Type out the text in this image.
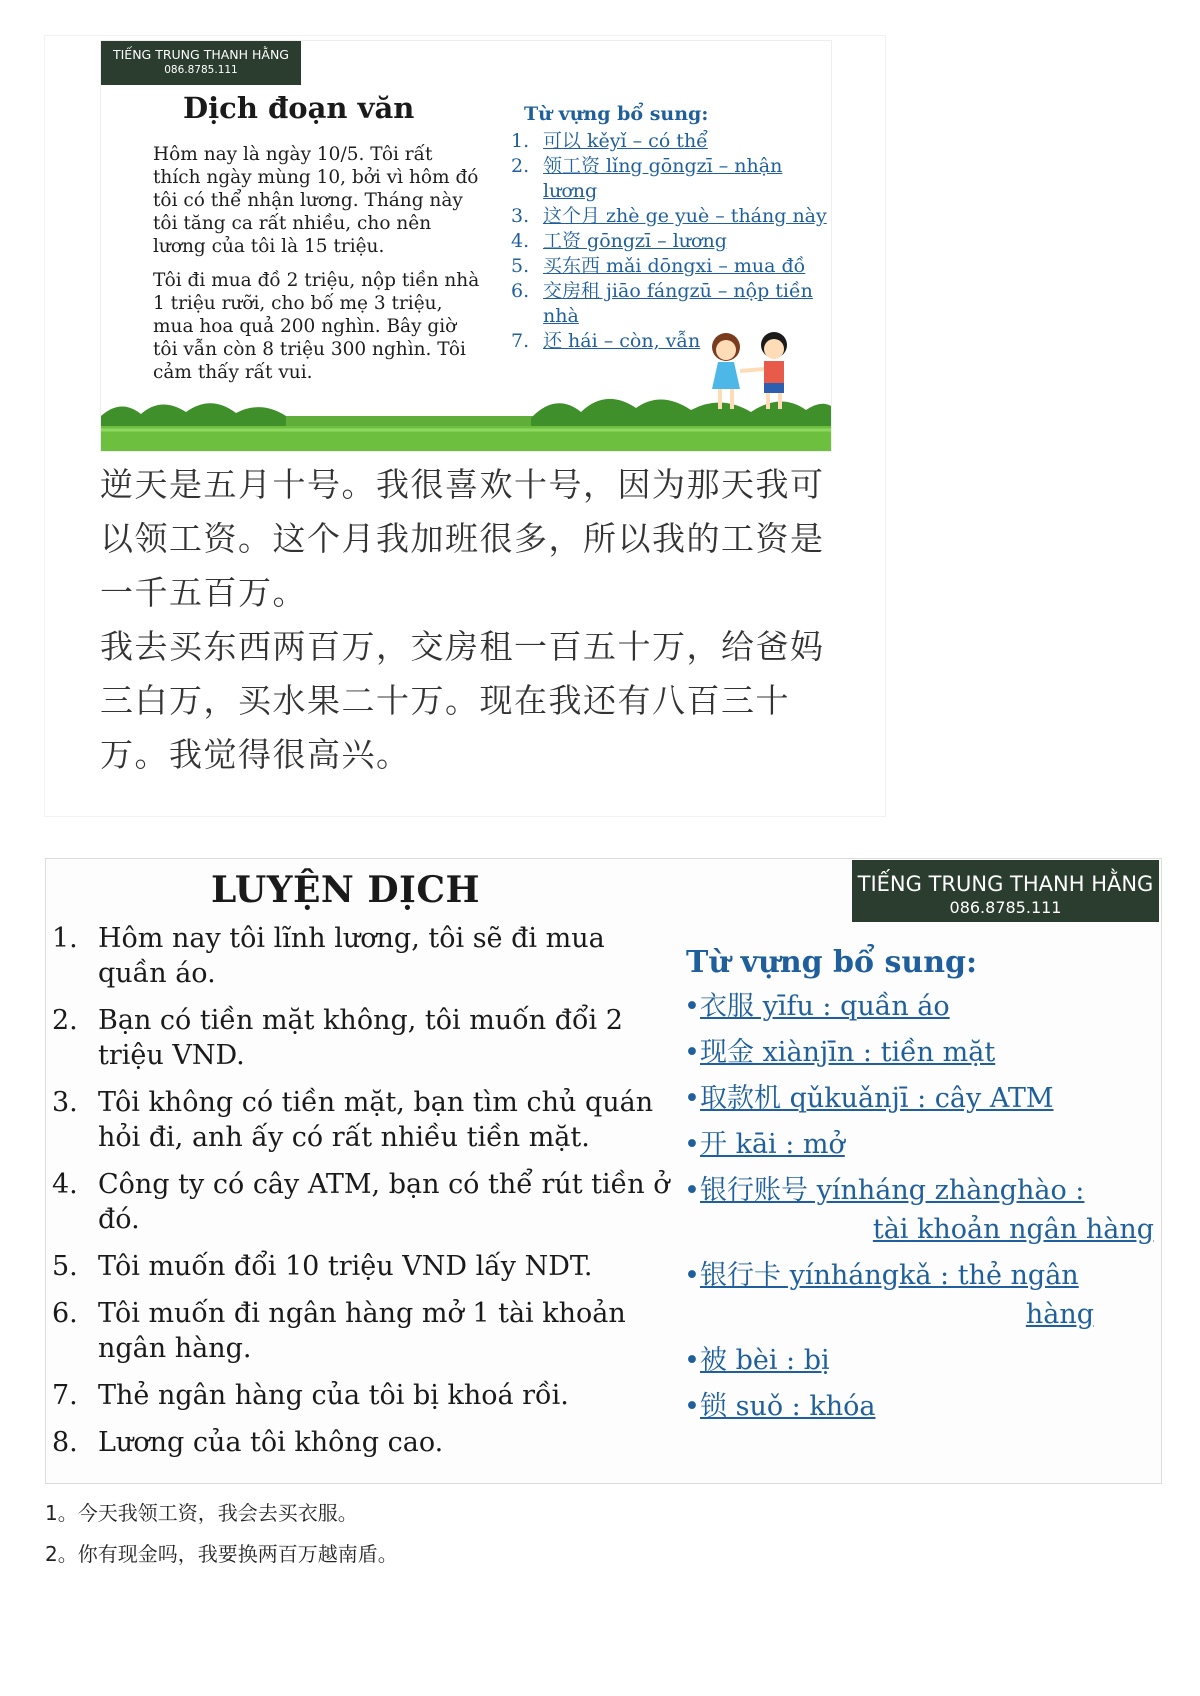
TIẾNG TRUNG THANH HẰNG
086.8785.111
Dịch đoạn văn

Hôm nay là ngày 10/5. Tôi rất thích ngày mùng 10, bởi vì hôm đó tôi có thể nhận lương. Tháng này tôi tăng ca rất nhiều, cho nên lương của tôi là 15 triệu.

Tôi đi mua đồ 2 triệu, nộp tiền nhà 1 triệu rưỡi, cho bố mẹ 3 triệu, mua hoa quả 200 nghìn. Bây giờ tôi vẫn còn 8 triệu 300 nghìn. Tôi cảm thấy rất vui.

Từ vựng bổ sung:
1. 可以 kěyǐ – có thể
2. 领工资 lǐng gōngzī – nhận lương
3. 这个月 zhè ge yuè – tháng này
4. 工资 gōngzī – lương
5. 买东西 mǎi dōngxi – mua đồ
6. 交房租 jiāo fángzū – nộp tiền nhà
7. 还 hái – còn, vẫn

逆天是五月十号。我很喜欢十号，因为那天我可以领工资。这个月我加班很多，所以我的工资是一千五百万。

我去买东西两百万，交房租一百五十万，给爸妈三白万，买水果二十万。现在我还有八百三十万。我觉得很高兴。

TIẾNG TRUNG THANH HẰNG
086.8785.111
LUYỆN DỊCH
1. Hôm nay tôi lĩnh lương, tôi sẽ đi mua quần áo.
2. Bạn có tiền mặt không, tôi muốn đổi 2 triệu VND.
3. Tôi không có tiền mặt, bạn tìm chủ quán hỏi đi, anh ấy có rất nhiều tiền mặt.
4. Công ty có cây ATM, bạn có thể rút tiền ở đó.
5. Tôi muốn đổi 10 triệu VND lấy NDT.
6. Tôi muốn đi ngân hàng mở 1 tài khoản ngân hàng.
7. Thẻ ngân hàng của tôi bị khoá rồi.
8. Lương của tôi không cao.
Từ vựng bổ sung:
• 衣服 yīfu : quần áo
• 现金 xiànjīn : tiền mặt
• 取款机 qǔkuǎnjī : cây ATM
• 开 kāi : mở
• 银行账号 yínháng zhànghào :
tài khoản ngân hàng
• 银行卡 yínhángkǎ : thẻ ngân
hàng
• 被 bèi : bị
• 锁 suǒ : khóa

1。今天我领工资，我会去买衣服。

2。你有现金吗，我要换两百万越南盾。
